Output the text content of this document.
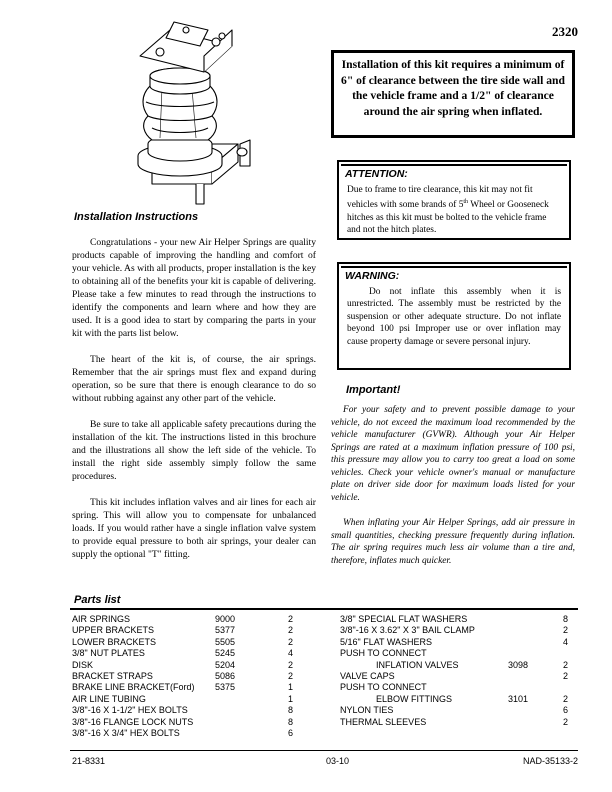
2320
Installation Instructions

Congratulations - your new Air Helper Springs are quality products capable of improving the handling and comfort of your vehicle. As with all products, proper installation is the key to obtaining all of the benefits your kit is capable of delivering. Please take a few minutes to read through the instructions to identify the components and learn where and how they are used. It is a good idea to start by comparing the parts in your kit with the parts list below.

The heart of the kit is, of course, the air springs. Remember that the air springs must flex and expand during operation, so be sure that there is enough clearance to do so without rubbing against any other part of the vehicle.

Be sure to take all applicable safety precautions during the installation of the kit. The instructions listed in this brochure and the illustrations all show the left side of the vehicle. To install the right side assembly simply follow the same procedures.

This kit includes inflation valves and air lines for each air spring. This will allow you to compensate for unbalanced loads. If you would rather have a single inflation valve system to provide equal pressure to both air springs, your dealer can supply the optional "T" fitting.

Installation of this kit requires a minimum of 6" of clearance between the tire side wall and the vehicle frame and a 1/2" of clearance around the air spring when inflated.
ATTENTION:
Due to frame to tire clearance, this kit may not fit vehicles with some brands of 5th Wheel or Gooseneck hitches as this kit must be bolted to the vehicle frame and not the hitch plates.
WARNING:
Do not inflate this assembly when it is unrestricted. The assembly must be restricted by the suspension or other adequate structure. Do not inflate beyond 100 psi Improper use or over inflation may cause property damage or severe personal injury.
Important!

For your safety and to prevent possible damage to your vehicle, do not exceed the maximum load recommended by the vehicle manufacturer (GVWR). Although your Air Helper Springs are rated at a maximum inflation pressure of 100 psi, this pressure may allow you to carry too great a load on some vehicles. Check your vehicle owner's manual or manufacture plate on driver side door for maximum loads listed for your vehicle.

When inflating your Air Helper Springs, add air pressure in small quantities, checking pressure frequently during inflation. The air spring requires much less air volume than a tire and, therefore, inflates much quicker.

Parts list
AIR SPRINGS	9000	2
UPPER BRACKETS	5377	2
LOWER BRACKETS	5505	2
3/8" NUT PLATES	5245	4
DISK	5204	2
BRACKET STRAPS	5086	2
BRAKE LINE BRACKET(Ford) 5375	1
AIR LINE TUBING	1
3/8"-16 X 1-1/2" HEX BOLTS	8
3/8"-16 FLANGE LOCK NUTS	8
3/8"-16 X 3/4" HEX BOLTS	6
3/8" SPECIAL FLAT WASHERS	8
3/8"-16 X 3.62" X 3" BAIL CLAMP	2
5/16" FLAT WASHERS	4
PUSH TO CONNECT
INFLATION VALVES	3098	2
VALVE CAPS	2
PUSH TO CONNECT
ELBOW FITTINGS	3101	2
NYLON TIES	6
THERMAL SLEEVES	2
21-8331	03-10	NAD-35133-2
